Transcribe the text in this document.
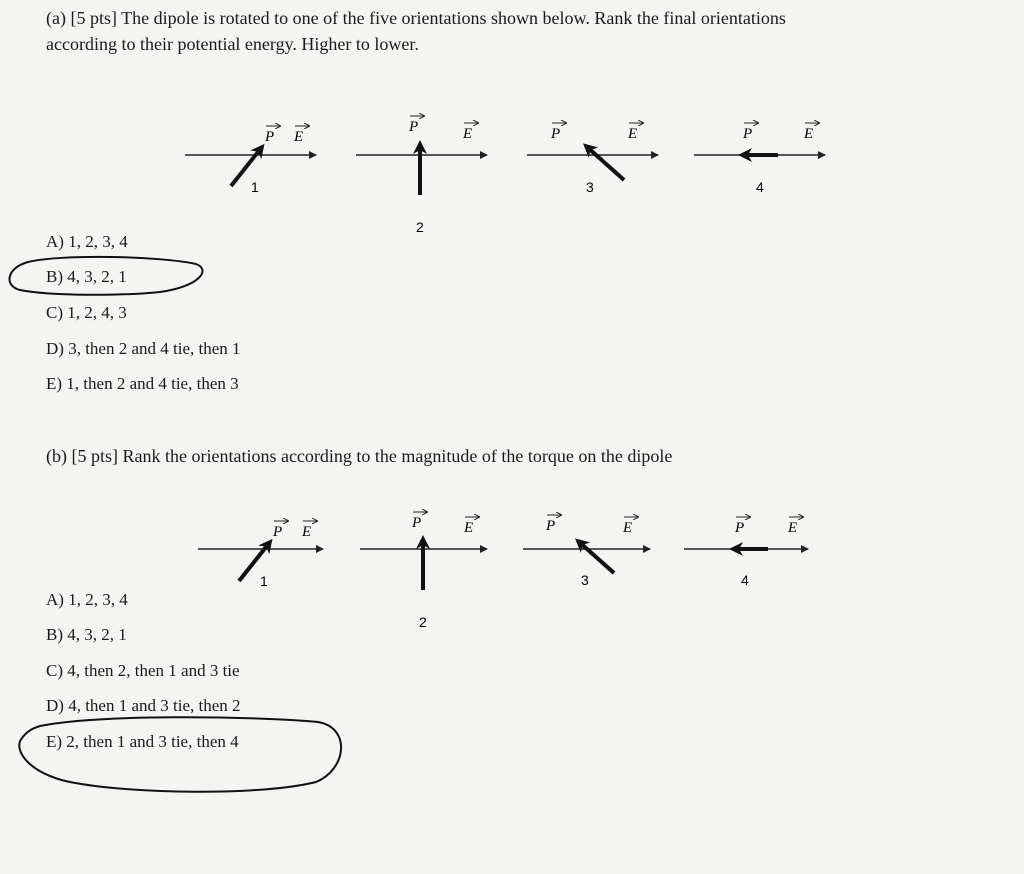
(a) [5 pts] The dipole is rotated to one of the five orientations shown below. Rank the final orientations
according to their potential energy. Higher to lower.
A) 1, 2, 3, 4
B) 4, 3, 2, 1
C) 1, 2, 4, 3
D) 3, then 2 and 4 tie, then 1
E) 1, then 2 and 4 tie, then 3
(b) [5 pts] Rank the orientations according to the magnitude of the torque on the dipole
A) 1, 2, 3, 4
B) 4, 3, 2, 1
C) 4, then 2, then 1 and 3 tie
D) 4, then 1 and 3 tie, then 2
E) 2, then 1 and 3 tie, then 4
P E
1
P	E
2
P	E
3
P	E
4
P E
1
P	E
2
P	E
3
P	E
4
